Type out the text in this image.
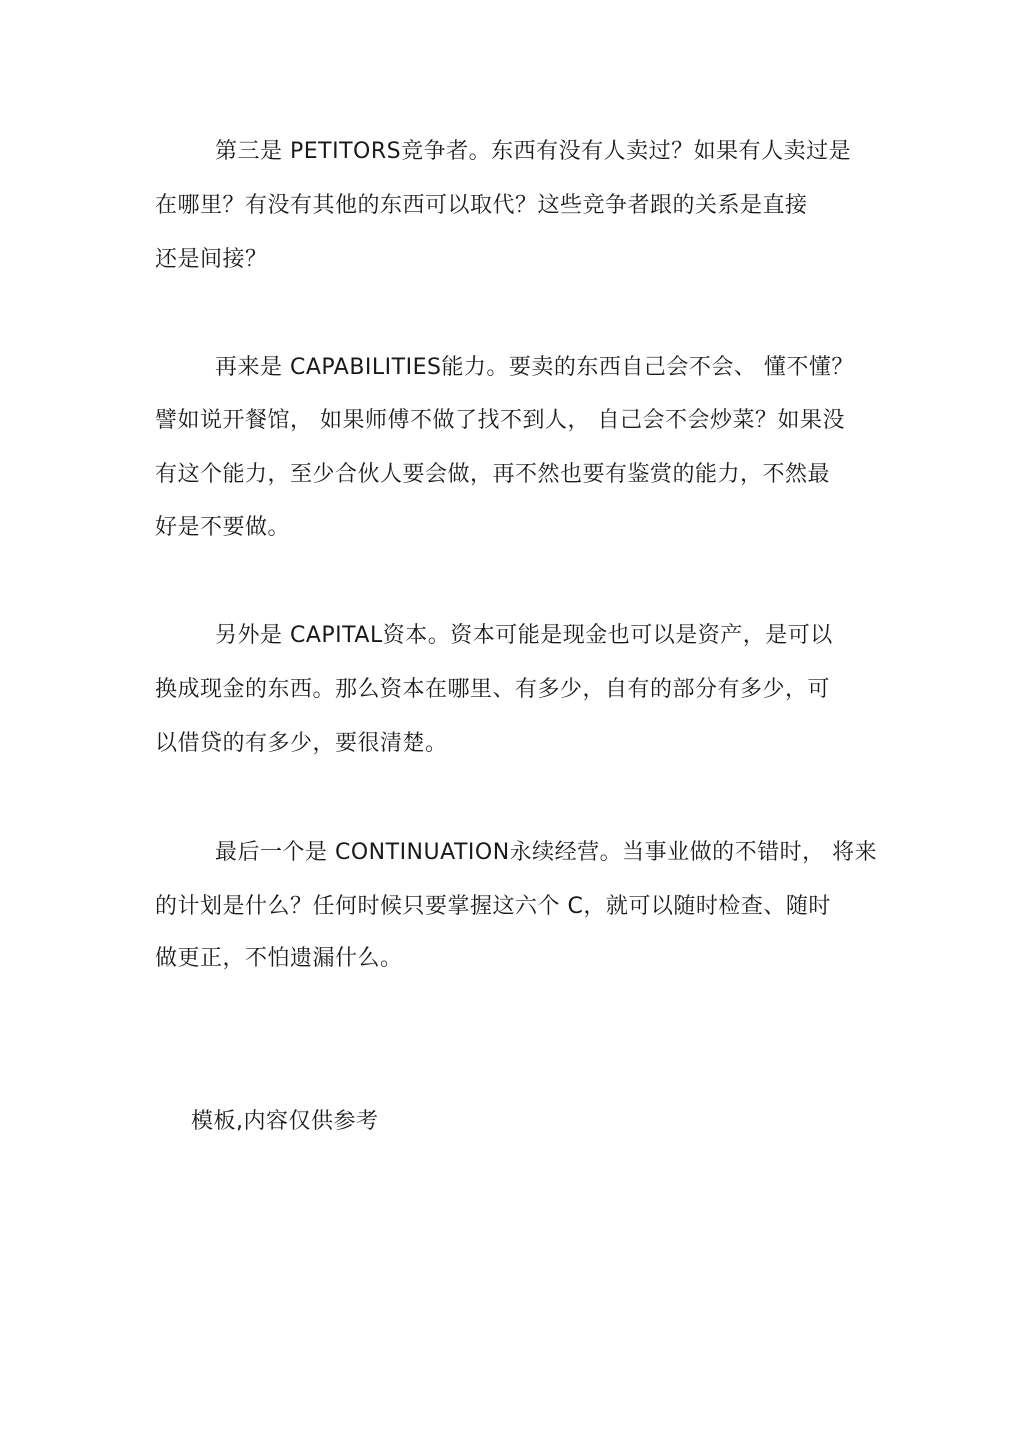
第三是 PETITORS竞争者。东西有没有人卖过？如果有人卖过是
在哪里？有没有其他的东西可以取代？这些竞争者跟的关系是直接
还是间接？
再来是 CAPABILITIES能力。要卖的东西自己会不会、 懂不懂？
譬如说开餐馆， 如果师傅不做了找不到人， 自己会不会炒菜？如果没
有这个能力，至少合伙人要会做，再不然也要有鉴赏的能力，不然最
好是不要做。
另外是 CAPITAL资本。资本可能是现金也可以是资产，是可以
换成现金的东西。那么资本在哪里、有多少，自有的部分有多少，可
以借贷的有多少，要很清楚。
最后一个是 CONTINUATION永续经营。当事业做的不错时， 将来
的计划是什么？任何时候只要掌握这六个 C，就可以随时检查、随时
做更正，不怕遗漏什么。
模板,内容仅供参考
